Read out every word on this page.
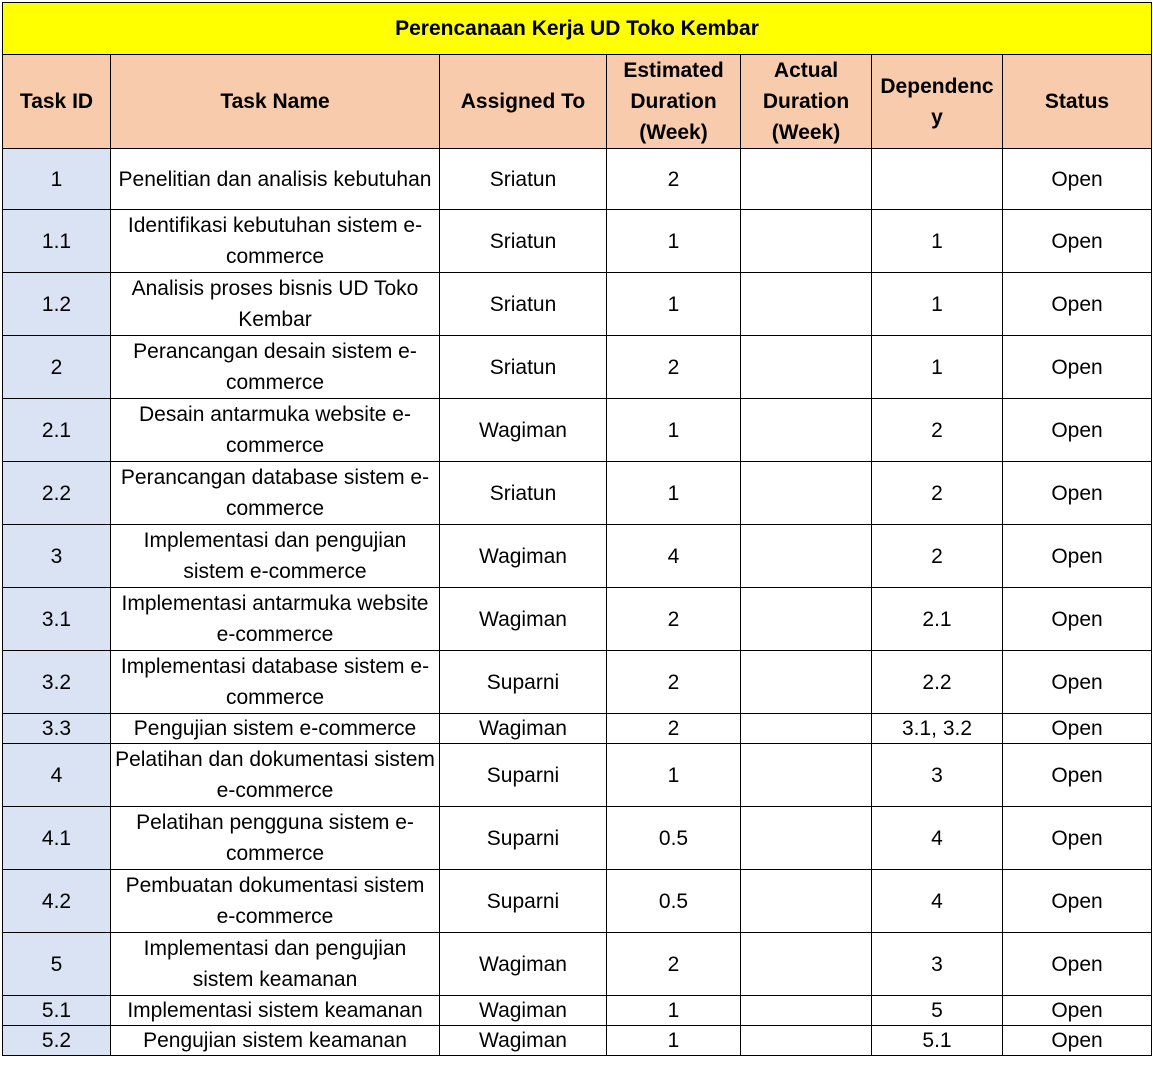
Perencanaan Kerja UD Toko Kembar						
Task ID	Task Name	Assigned To	Estimated Duration (Week)	Actual Duration (Week)	Dependenc y	Status
1	Penelitian dan analisis kebutuhan	Sriatun	2			Open
1.1	Identifikasi kebutuhan sistem e-commerce	Sriatun	1		1	Open
1.2	Analisis proses bisnis UD Toko Kembar	Sriatun	1		1	Open
2	Perancangan desain sistem e-commerce	Sriatun	2		1	Open
2.1	Desain antarmuka website e-commerce	Wagiman	1		2	Open
2.2	Perancangan database sistem e-commerce	Sriatun	1		2	Open
3	Implementasi dan pengujian sistem e-commerce	Wagiman	4		2	Open
3.1	Implementasi antarmuka website e-commerce	Wagiman	2		2.1	Open
3.2	Implementasi database sistem e-commerce	Suparni	2		2.2	Open
3.3	Pengujian sistem e-commerce	Wagiman	2		3.1, 3.2	Open
4	Pelatihan dan dokumentasi sistem e-commerce	Suparni	1		3	Open
4.1	Pelatihan pengguna sistem e-commerce	Suparni	0.5		4	Open
4.2	Pembuatan dokumentasi sistem e-commerce	Suparni	0.5		4	Open
5	Implementasi dan pengujian sistem keamanan	Wagiman	2		3	Open
5.1	Implementasi sistem keamanan	Wagiman	1		5	Open
5.2	Pengujian sistem keamanan	Wagiman	1		5.1	Open
